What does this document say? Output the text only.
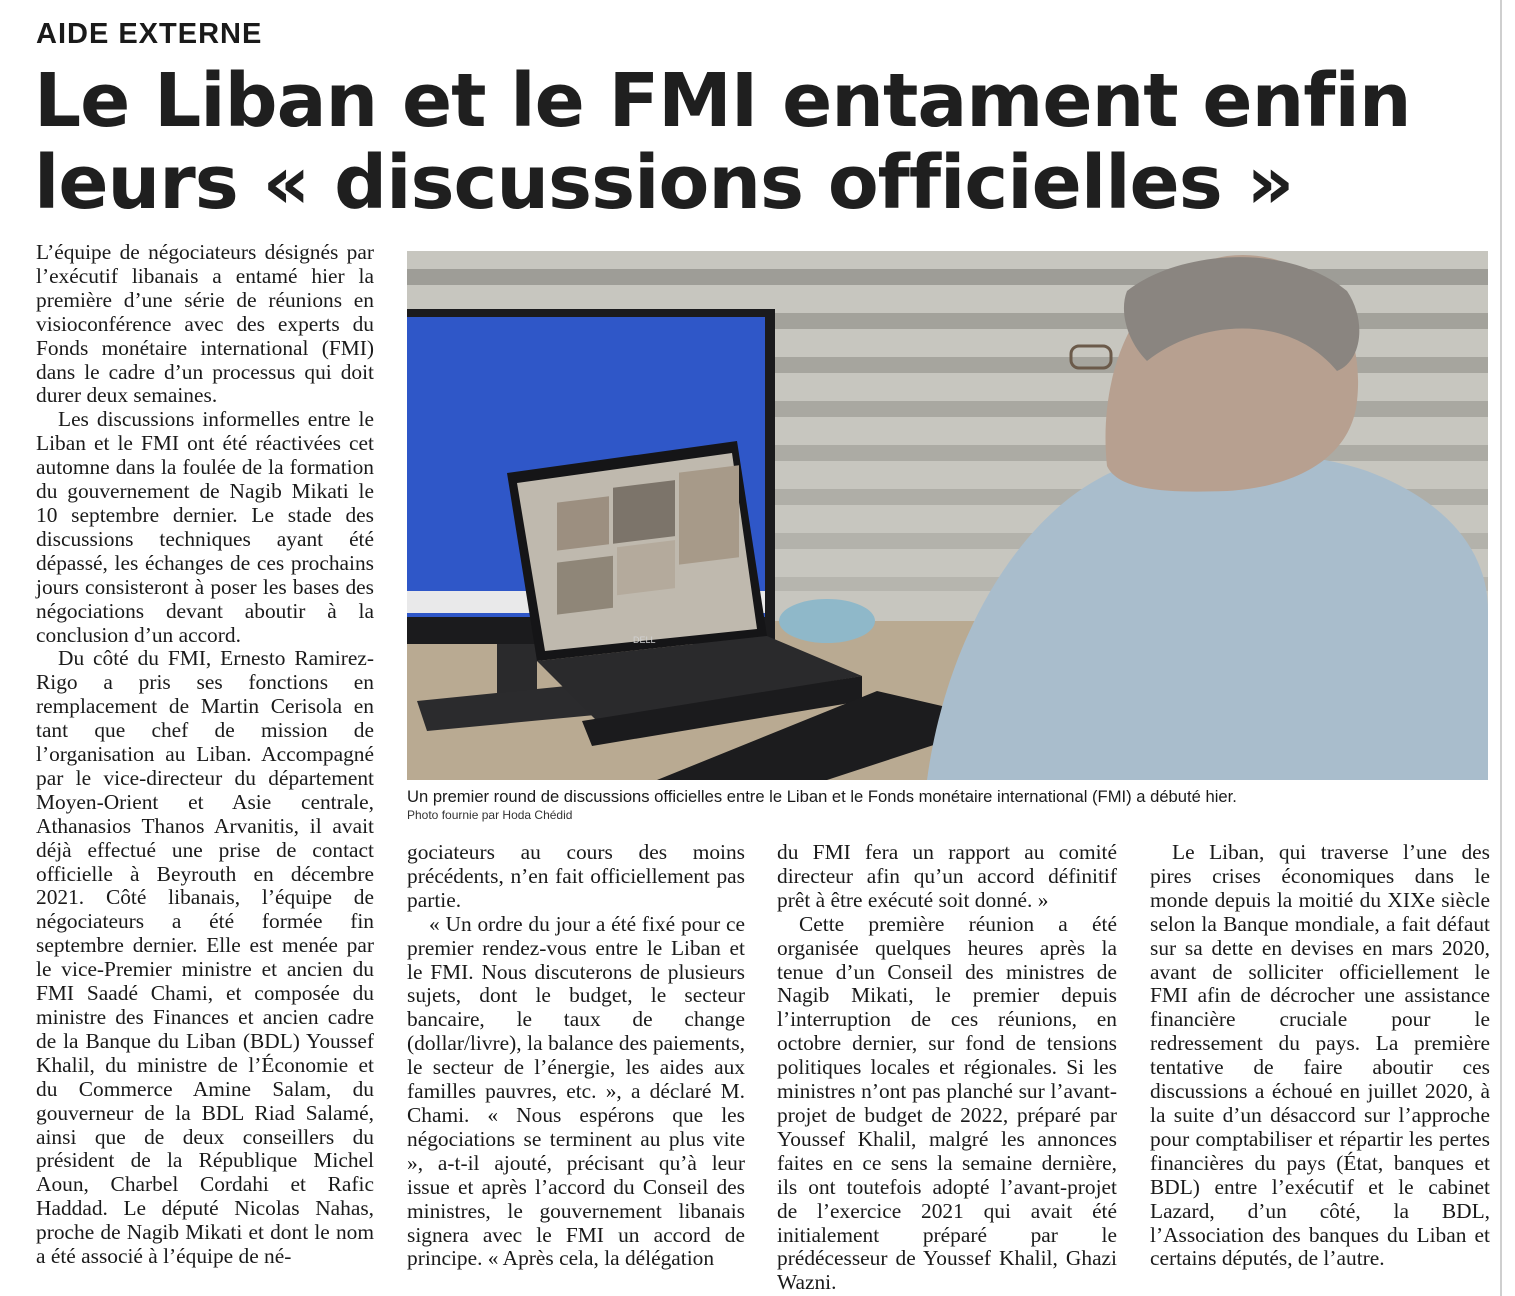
AIDE EXTERNE
Le Liban et le FMI entament enfin leurs « discussions officielles »

L’équipe de négociateurs désignés par l’exécutif libanais a entamé hier la première d’une série de réunions en visioconférence avec des experts du Fonds monétaire international (FMI) dans le cadre d’un processus qui doit durer deux semaines.

Les discussions informelles entre le Liban et le FMI ont été réactivées cet automne dans la foulée de la formation du gouvernement de Nagib Mikati le 10 septembre dernier. Le stade des discussions techniques ayant été dépassé, les échanges de ces prochains jours consisteront à poser les bases des négociations devant aboutir à la conclusion d’un accord.

Du côté du FMI, Ernesto Ramirez-Rigo a pris ses fonctions en remplacement de Martin Cerisola en tant que chef de mission de l’organisation au Liban. Accompagné par le vice-directeur du département Moyen-Orient et Asie centrale, Athanasios Thanos Arvanitis, il avait déjà effectué une prise de contact officielle à Beyrouth en décembre 2021. Côté libanais, l’équipe de négociateurs a été formée fin septembre dernier. Elle est menée par le vice-Premier ministre et ancien du FMI Saadé Chami, et composée du ministre des Finances et ancien cadre de la Banque du Liban (BDL) Youssef Khalil, du ministre de l’Économie et du Commerce Amine Salam, du gouverneur de la BDL Riad Salamé, ainsi que de deux conseillers du président de la République Michel Aoun, Charbel Cordahi et Rafic Haddad. Le député Nicolas Nahas, proche de Nagib Mikati et dont le nom a été associé à l’équipe de né-

DELL
Un premier round de discussions officielles entre le Liban et le Fonds monétaire international (FMI) a débuté hier.
Photo fournie par Hoda Chédid

gociateurs au cours des moins précédents, n’en fait officiellement pas partie.

« Un ordre du jour a été fixé pour ce premier rendez-vous entre le Liban et le FMI. Nous discuterons de plusieurs sujets, dont le budget, le secteur bancaire, le taux de change (dollar/livre), la balance des paiements, le secteur de l’énergie, les aides aux familles pauvres, etc. », a déclaré M. Chami. « Nous espérons que les négociations se terminent au plus vite », a-t-il ajouté, précisant qu’à leur issue et après l’accord du Conseil des ministres, le gouvernement libanais signera avec le FMI un accord de principe. « Après cela, la délégation

du FMI fera un rapport au comité directeur afin qu’un accord définitif prêt à être exécuté soit donné. »

Cette première réunion a été organisée quelques heures après la tenue d’un Conseil des ministres de Nagib Mikati, le premier depuis l’interruption de ces réunions, en octobre dernier, sur fond de tensions politiques locales et régionales. Si les ministres n’ont pas planché sur l’avant-projet de budget de 2022, préparé par Youssef Khalil, malgré les annonces faites en ce sens la semaine dernière, ils ont toutefois adopté l’avant-projet de l’exercice 2021 qui avait été initialement préparé par le prédécesseur de Youssef Khalil, Ghazi Wazni.

Le Liban, qui traverse l’une des pires crises économiques dans le monde depuis la moitié du XIXe siècle selon la Banque mondiale, a fait défaut sur sa dette en devises en mars 2020, avant de solliciter officiellement le FMI afin de décrocher une assistance financière cruciale pour le redressement du pays. La première tentative de faire aboutir ces discussions a échoué en juillet 2020, à la suite d’un désaccord sur l’approche pour comptabiliser et répartir les pertes financières du pays (État, banques et BDL) entre l’exécutif et le cabinet Lazard, d’un côté, la BDL, l’Association des banques du Liban et certains députés, de l’autre.
